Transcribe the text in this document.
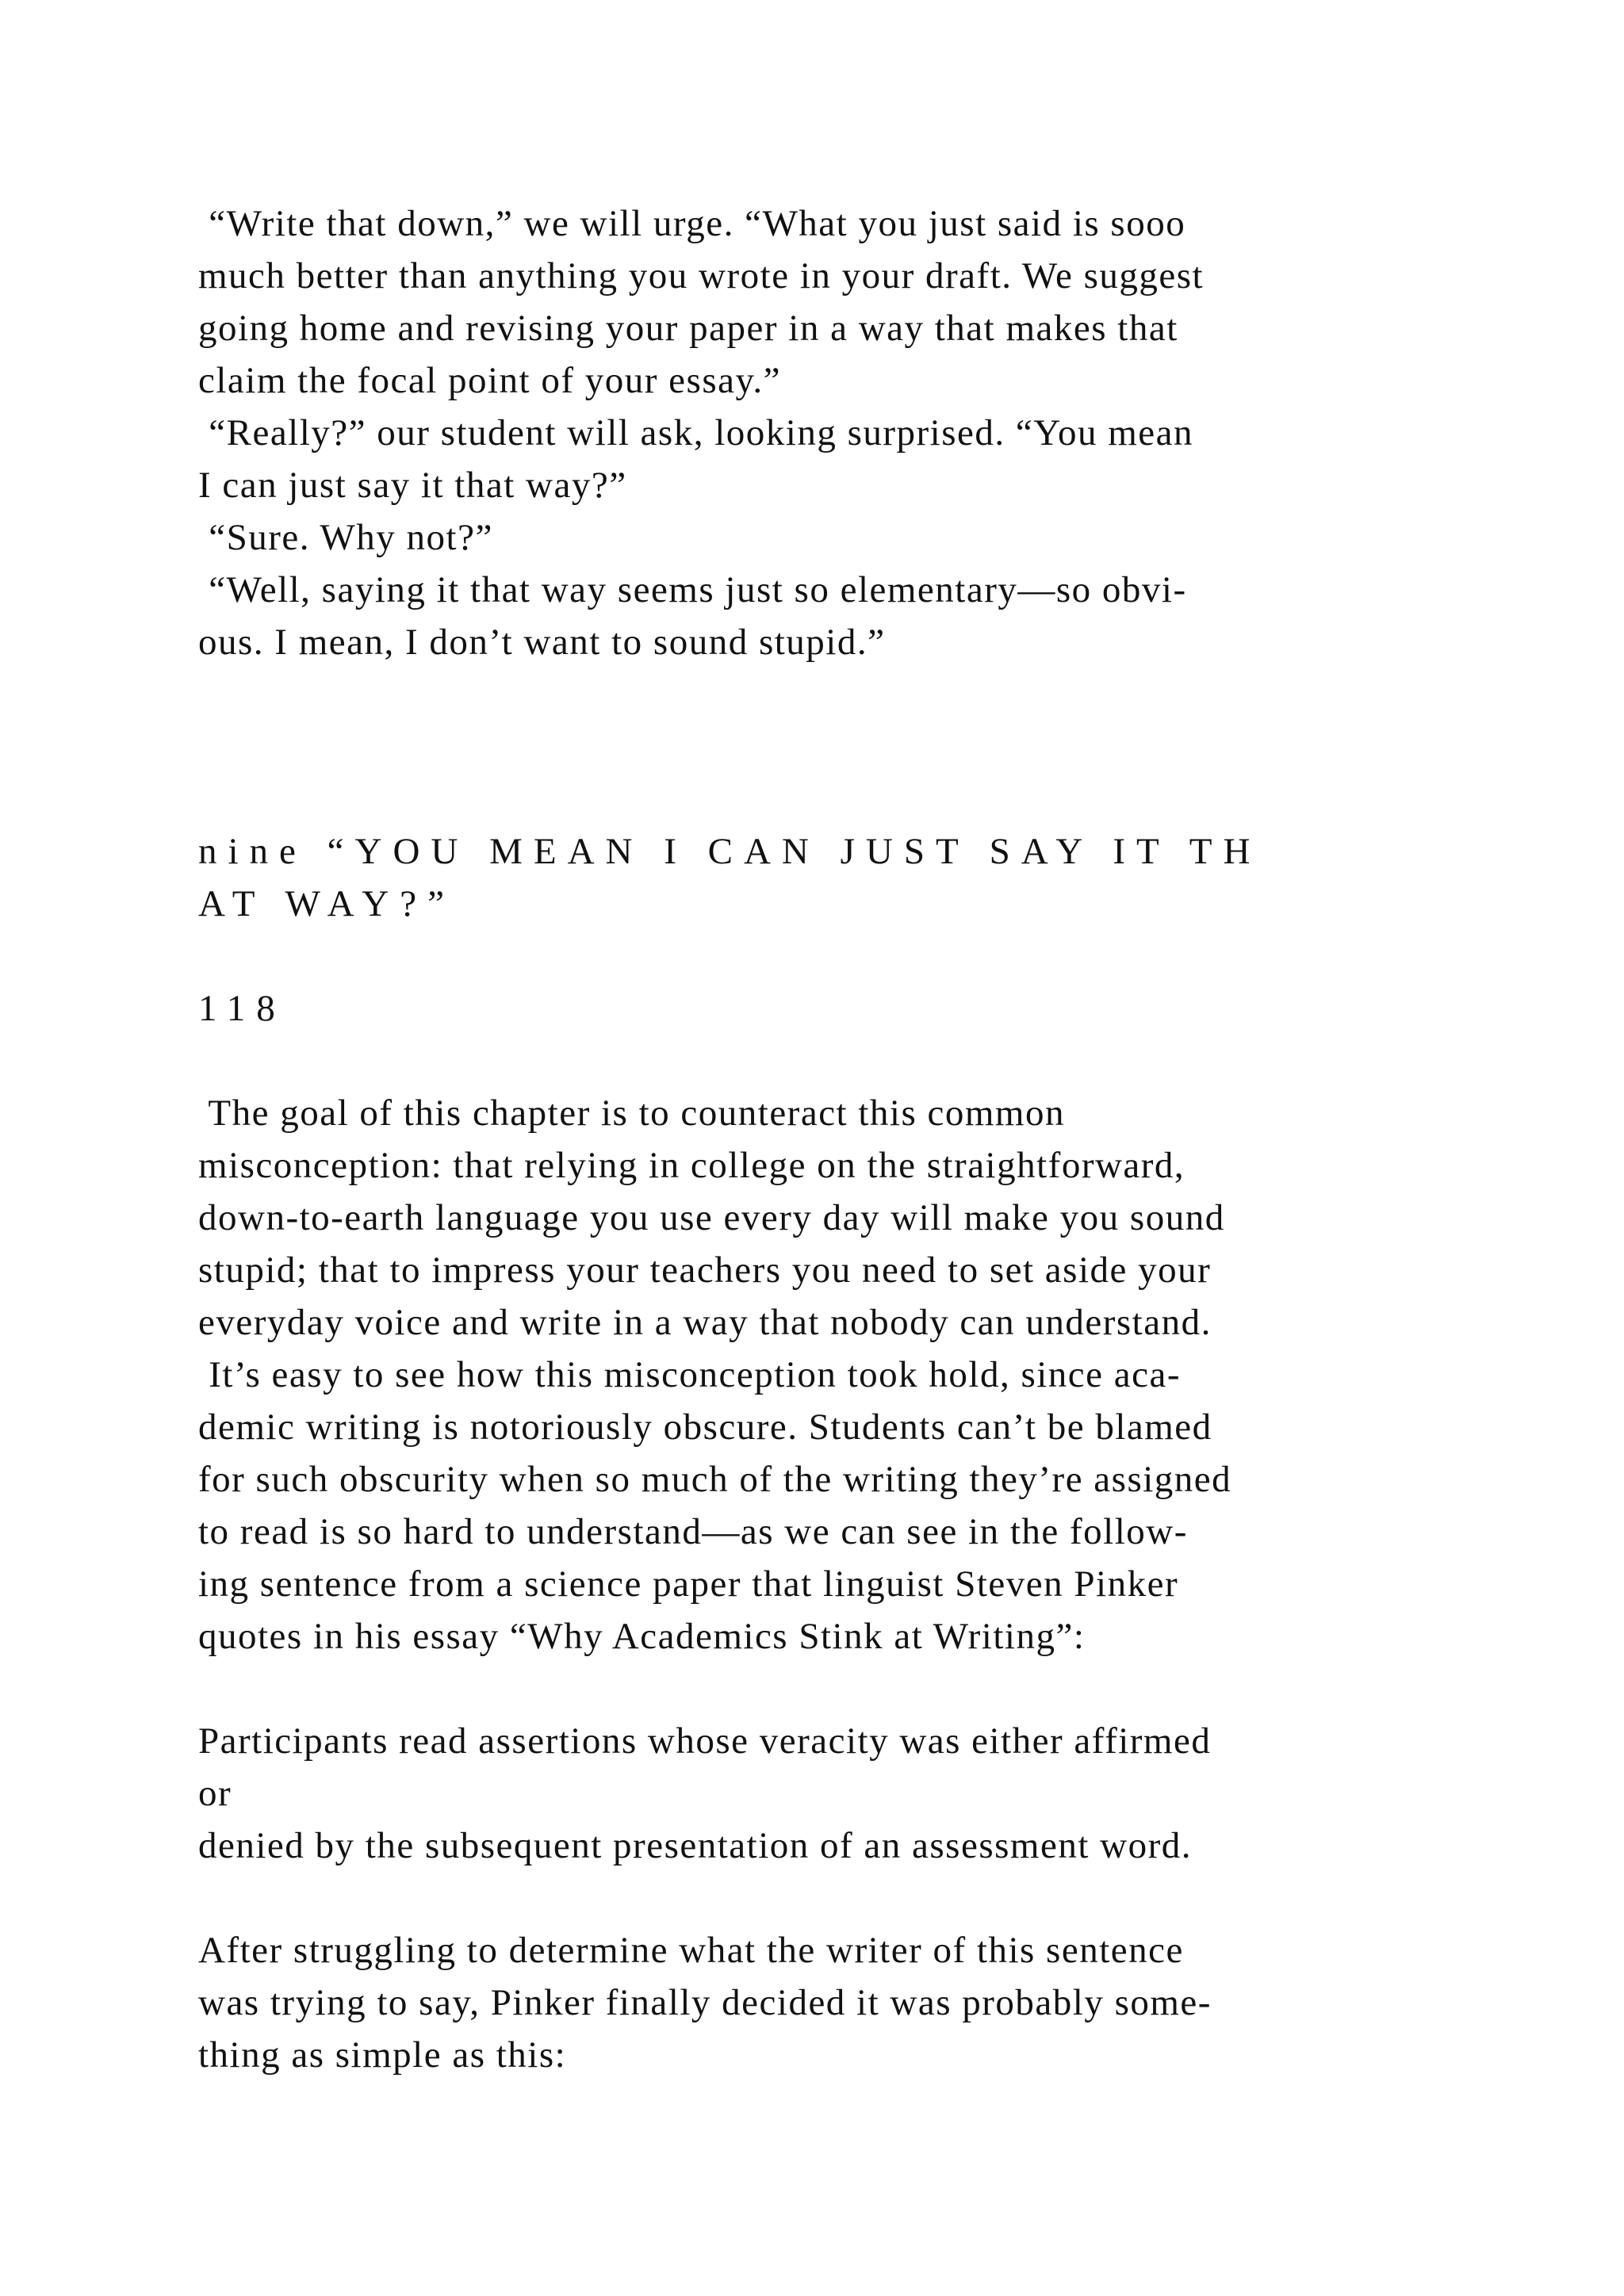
“Write that down,” we will urge. “What you just said is sooo
much better than anything you wrote in your draft. We suggest
going home and revising your paper in a way that makes that
claim the focal point of your essay.”
“Really?” our student will ask, looking surprised. “You mean
I can just say it that way?”
“Sure. Why not?”
“Well, saying it that way seems just so elementary—so obvi-
ous. I mean, I don’t want to sound stupid.”
nine “YOU MEAN I CAN JUST SAY IT TH
AT WAY?”
118
The goal of this chapter is to counteract this common
misconception: that relying in college on the straightforward,
down-to-earth language you use every day will make you sound
stupid; that to impress your teachers you need to set aside your
everyday voice and write in a way that nobody can understand.
It’s easy to see how this misconception took hold, since aca-
demic writing is notoriously obscure. Students can’t be blamed
for such obscurity when so much of the writing they’re assigned
to read is so hard to understand—as we can see in the follow-
ing sentence from a science paper that linguist Steven Pinker
quotes in his essay “Why Academics Stink at Writing”:
Participants read assertions whose veracity was either affirmed
or
denied by the subsequent presentation of an assessment word.
After struggling to determine what the writer of this sentence
was trying to say, Pinker finally decided it was probably some-
thing as simple as this:
